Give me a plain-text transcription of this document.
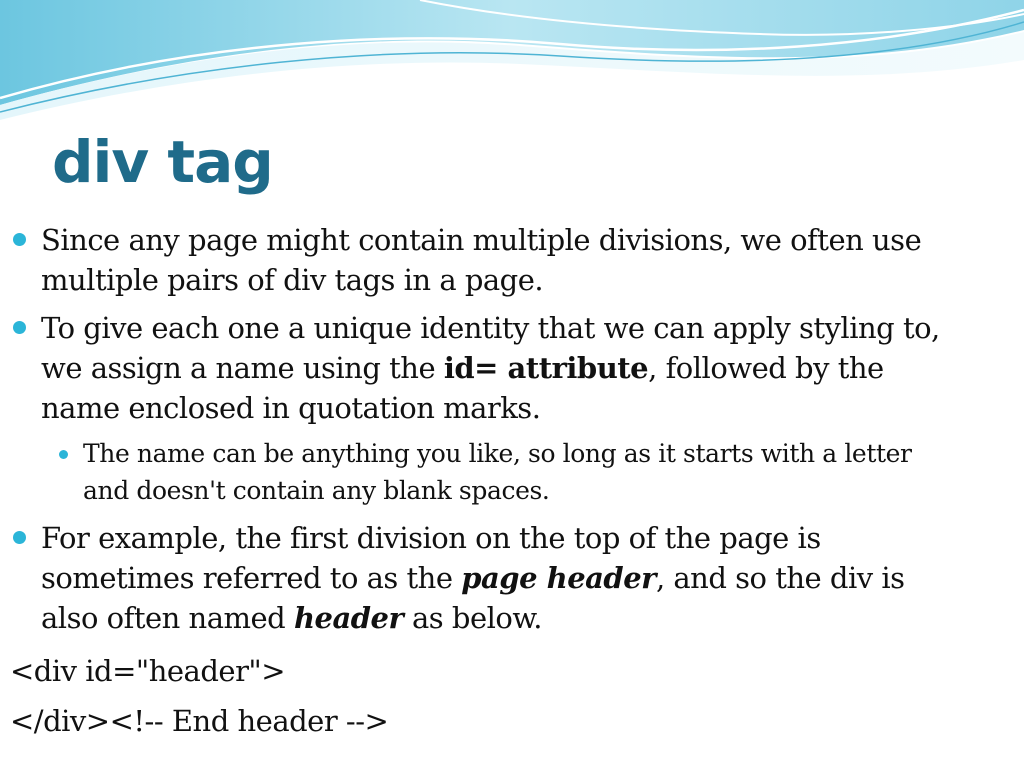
div tag
Since any page might contain multiple divisions, we often use multiple pairs of div tags in a page.
To give each one a unique identity that we can apply styling to, we assign a name using the id= attribute, followed by the name enclosed in quotation marks.
The name can be anything you like, so long as it starts with a letter and doesn't contain any blank spaces.
For example, the first division on the top of the page is sometimes referred to as the page header, and so the div is also often named header as below.
<div id="header">
</div><!-- End header -->
